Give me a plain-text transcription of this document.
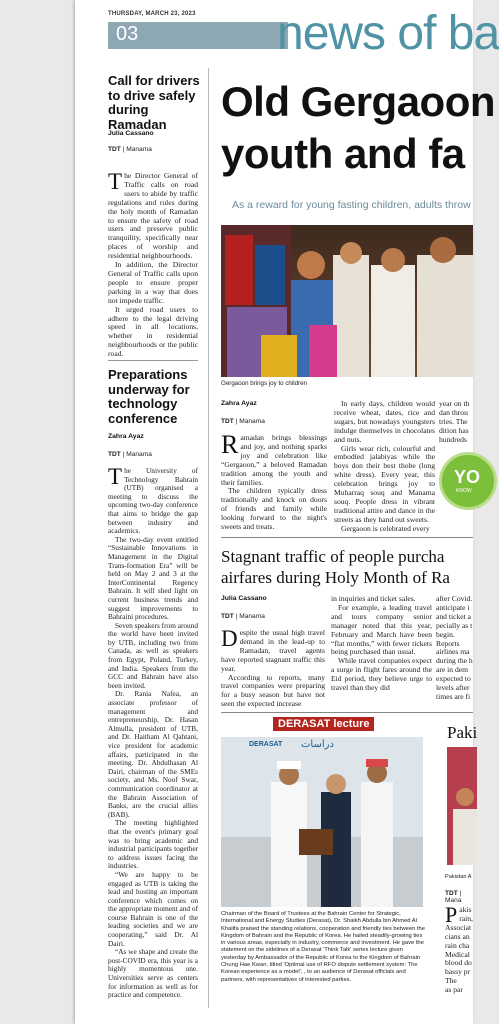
THURSDAY, MARCH 23, 2023
03	news of ba
Call for drivers to drive safely during Ramadan
Julia Cassano
TDT | Manama

The Director General of Traffic calls on road users to abide by traffic regulations and rules during the holy month of Ramadan to ensure the safety of road users and preserve public tranquility, specifically near places of worship and residential neighbourhoods.

In addition, the Director General of Traffic calls upon people to ensure proper parking in a way that does not impede traffic.

It urged road users to adhere to the legal driving speed in all locations, whether in residential neighbourhoods or the public road.

Preparations underway for technology conference
Zahra Ayaz
TDT | Manama

The University of Technology Bahrain (UTB) organised a meeting to discuss the upcoming two-day conference that aims to bridge the gap between industry and academics.

The two-day event entitled “Sustainable Innovations in Management in the Digital Trans-formation Era” will be held on May 2 and 3 at the InterContinental Regency Bahrain. It will shed light on current business trends and suggest improvements to Bahraini procedures.

Seven speakers from around the world have been invited by UTB, including two from Canada, as well as speakers from Egypt, Poland, Turkey, and India. Speakers from the GCC and Bahrain have also been invited.

Dr. Rania Nafea, an associate professor of management and entrepreneurship, Dr. Hasan Almulla, president of UTB, and Dr. Haitham Al Qahtani, vice president for academic affairs, participated in the meeting. Dr. Abdulhasan Al Dairi, chairman of the SMEs society, and Ms. Noof Swar, communication coordinator at the Bahrain Association of Banks, are the crucial allies (BAB).

The meeting highlighted that the event's primary goal was to bring academic and industrial participants together to address issues facing the industries.

“We are happy to be engaged as UTB is taking the lead and hosting an important conference which comes on the appropriate moment and of course Bahrain is one of the leading societies and we are cooperating,” said Dr. Al Dairi.

“As we shape and create the post-COVID era, this year is a highly momentous one. Universities serve as centers for information as well as for practice and competence.

Old Gergaoon
youth and fa
As a reward for young fasting children, adults throw
Gergaoon brings joy to children
Zahra Ayaz
TDT | Manama

Ramadan brings blessings and joy, and nothing sparks joy and celebration like “Gergaoon,” a beloved Ramadan tradition among the youth and their families.

The children typically dress traditionally and knock on doors of friends and family while looking forward to the night's sweets and treats.

In early days, children would receive wheat, dates, rice and sugars, but nowadays youngsters indulge themselves in chocolates and nuts.

Girls wear rich, colourful and embodied jalabiyas while the boys don their best thobe (long white dress). Every year, this celebration brings joy to Muharraq souq and Manama souq. People dress in vibrant traditional attire and dance in the streets as they hand out sweets.

Gergaoon is celebrated every

year on th
dan throu
tries. The
dition has
hundreds
YO
KNOW
Stagnant traffic of people purcha
airfares during Holy Month of Ra
Julia Cassano
TDT | Manama

Despite the usual high travel demand in the lead-up to Ramadan, travel agents have reported stagnant traffic this year.

According to reports, many travel companies were preparing for a busy season but have not seen the expected increase

in inquiries and ticket sales.

For example, a leading travel and tours company senior manager noted that this year, February and March have been “flat months,” with fewer tickets being purchased than usual.

While travel companies expect a surge in flight fares around the Eid period, they believe urge to travel than they did

after Covid.
anticipate i
and ticket a
pecially as t
begin.
Reports
airlines ma
during the h
are in dem
expected to
levels after
times are fi
DERASAT lecture
DERASAT دراسات
Chairman of the Board of Trustees at the Bahrain Center for Strategic, International and Energy Studies (Derasat), Dr. Shaikh Abdulla bin Ahmed Al Khalifa praised the standing relations, cooperation and friendly ties between the Kingdom of Bahrain and the Republic of Korea. He hailed steadily-growing ties in various areas, especially in industry, commerce and investment. He gave the statement on the sidelines of a Derasat 'Think Talk' series lecture given yesterday by Ambassador of the Republic of Korea to the Kingdom of Bahrain Chung Hae Kwan, titled 'Optimal use of RFO dispute settlement system: The Korean experience as a model', , to an audience of Derasat officials and partners, with representatives of interested parties.
Paki
Pakistan A
TDT | Mana
P akis
rain,
Associat
cians an
rain cha
Medical
blood do
bassy pr
The
as par
